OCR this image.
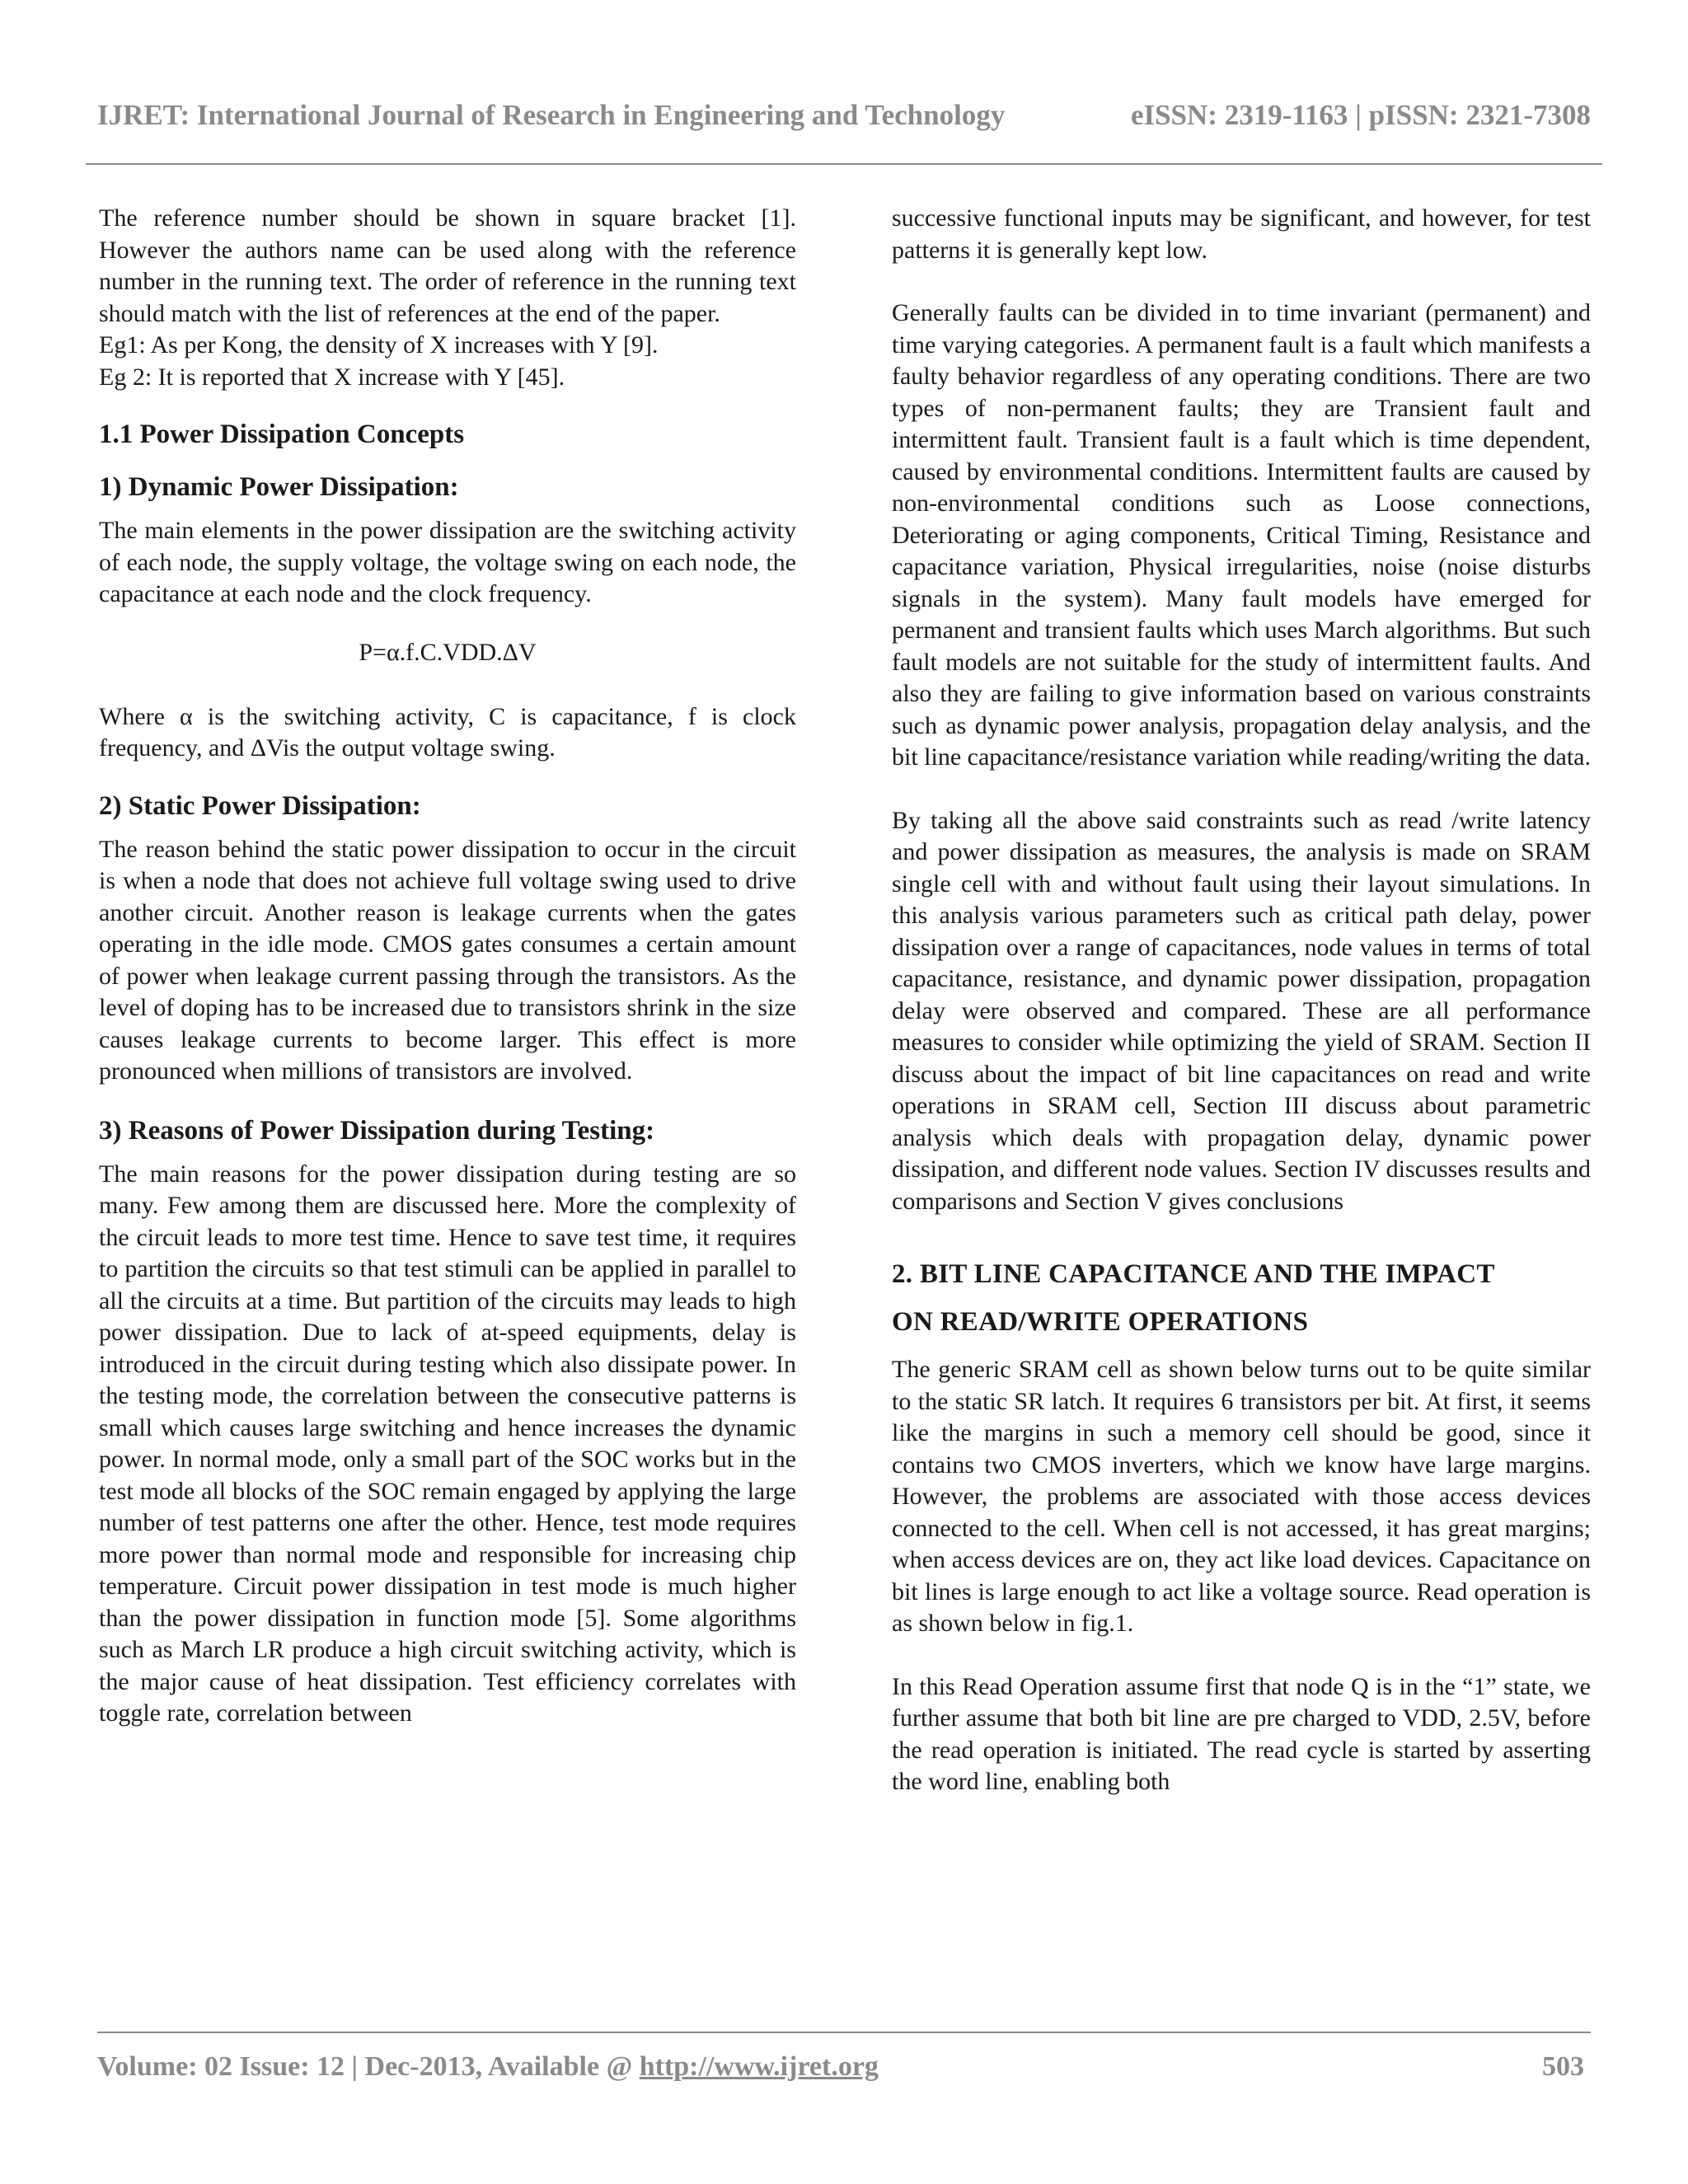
IJRET: International Journal of Research in Engineering and Technology	eISSN: 2319-1163 | pISSN: 2321-7308

The reference number should be shown in square bracket [1]. However the authors name can be used along with the reference number in the running text. The order of reference in the running text should match with the list of references at the end of the paper.

Eg1: As per Kong, the density of X increases with Y [9].

Eg 2: It is reported that X increase with Y [45].

1.1 Power Dissipation Concepts
1) Dynamic Power Dissipation:

The main elements in the power dissipation are the switching activity of each node, the supply voltage, the voltage swing on each node, the capacitance at each node and the clock frequency.

P=α.f.C.VDD.ΔV

Where α is the switching activity, C is capacitance, f is clock frequency, and ΔVis the output voltage swing.

2) Static Power Dissipation:

The reason behind the static power dissipation to occur in the circuit is when a node that does not achieve full voltage swing used to drive another circuit. Another reason is leakage currents when the gates operating in the idle mode. CMOS gates consumes a certain amount of power when leakage current passing through the transistors. As the level of doping has to be increased due to transistors shrink in the size causes leakage currents to become larger. This effect is more pronounced when millions of transistors are involved.

3) Reasons of Power Dissipation during Testing:

The main reasons for the power dissipation during testing are so many. Few among them are discussed here. More the complexity of the circuit leads to more test time. Hence to save test time, it requires to partition the circuits so that test stimuli can be applied in parallel to all the circuits at a time. But partition of the circuits may leads to high power dissipation. Due to lack of at-speed equipments, delay is introduced in the circuit during testing which also dissipate power. In the testing mode, the correlation between the consecutive patterns is small which causes large switching and hence increases the dynamic power. In normal mode, only a small part of the SOC works but in the test mode all blocks of the SOC remain engaged by applying the large number of test patterns one after the other. Hence, test mode requires more power than normal mode and responsible for increasing chip temperature. Circuit power dissipation in test mode is much higher than the power dissipation in function mode [5]. Some algorithms such as March LR produce a high circuit switching activity, which is the major cause of heat dissipation. Test efficiency correlates with toggle rate, correlation between

successive functional inputs may be significant, and however, for test patterns it is generally kept low.

Generally faults can be divided in to time invariant (permanent) and time varying categories. A permanent fault is a fault which manifests a faulty behavior regardless of any operating conditions. There are two types of non-permanent faults; they are Transient fault and intermittent fault. Transient fault is a fault which is time dependent, caused by environmental conditions. Intermittent faults are caused by non-environmental conditions such as Loose connections, Deteriorating or aging components, Critical Timing, Resistance and capacitance variation, Physical irregularities, noise (noise disturbs signals in the system). Many fault models have emerged for permanent and transient faults which uses March algorithms. But such fault models are not suitable for the study of intermittent faults. And also they are failing to give information based on various constraints such as dynamic power analysis, propagation delay analysis, and the bit line capacitance/resistance variation while reading/writing the data.

By taking all the above said constraints such as read /write latency and power dissipation as measures, the analysis is made on SRAM single cell with and without fault using their layout simulations. In this analysis various parameters such as critical path delay, power dissipation over a range of capacitances, node values in terms of total capacitance, resistance, and dynamic power dissipation, propagation delay were observed and compared. These are all performance measures to consider while optimizing the yield of SRAM. Section II discuss about the impact of bit line capacitances on read and write operations in SRAM cell, Section III discuss about parametric analysis which deals with propagation delay, dynamic power dissipation, and different node values. Section IV discusses results and comparisons and Section V gives conclusions

2. BIT LINE CAPACITANCE AND THE IMPACT
ON READ/WRITE OPERATIONS

The generic SRAM cell as shown below turns out to be quite similar to the static SR latch. It requires 6 transistors per bit. At first, it seems like the margins in such a memory cell should be good, since it contains two CMOS inverters, which we know have large margins. However, the problems are associated with those access devices connected to the cell. When cell is not accessed, it has great margins; when access devices are on, they act like load devices. Capacitance on bit lines is large enough to act like a voltage source. Read operation is as shown below in fig.1.

In this Read Operation assume first that node Q is in the “1” state, we further assume that both bit line are pre charged to VDD, 2.5V, before the read operation is initiated. The read cycle is started by asserting the word line, enabling both

Volume: 02 Issue: 12 | Dec-2013, Available @ http://www.ijret.org	503
